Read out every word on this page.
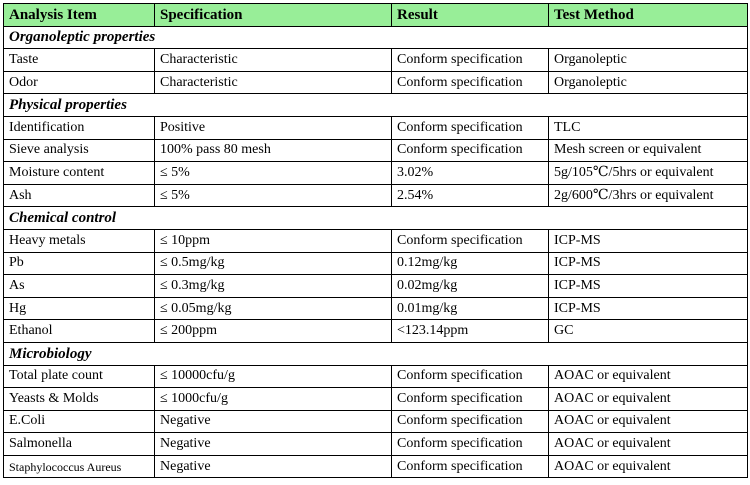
Analysis Item	Specification	Result	Test Method
Organoleptic properties			
Taste	Characteristic	Conform specification	Organoleptic
Odor	Characteristic	Conform specification	Organoleptic
Physical properties			
Identification	Positive	Conform specification	TLC
Sieve analysis	100% pass 80 mesh	Conform specification	Mesh screen or equivalent
Moisture content	≤ 5%	3.02%	5g/105℃/5hrs or equivalent
Ash	≤ 5%	2.54%	2g/600℃/3hrs or equivalent
Chemical control			
Heavy metals	≤ 10ppm	Conform specification	ICP-MS
Pb	≤ 0.5mg/kg	0.12mg/kg	ICP-MS
As	≤ 0.3mg/kg	0.02mg/kg	ICP-MS
Hg	≤ 0.05mg/kg	0.01mg/kg	ICP-MS
Ethanol	≤ 200ppm	<123.14ppm	GC
Microbiology			
Total plate count	≤ 10000cfu/g	Conform specification	AOAC or equivalent
Yeasts & Molds	≤ 1000cfu/g	Conform specification	AOAC or equivalent
E.Coli	Negative	Conform specification	AOAC or equivalent
Salmonella	Negative	Conform specification	AOAC or equivalent
Staphylococcus Aureus	Negative	Conform specification	AOAC or equivalent
